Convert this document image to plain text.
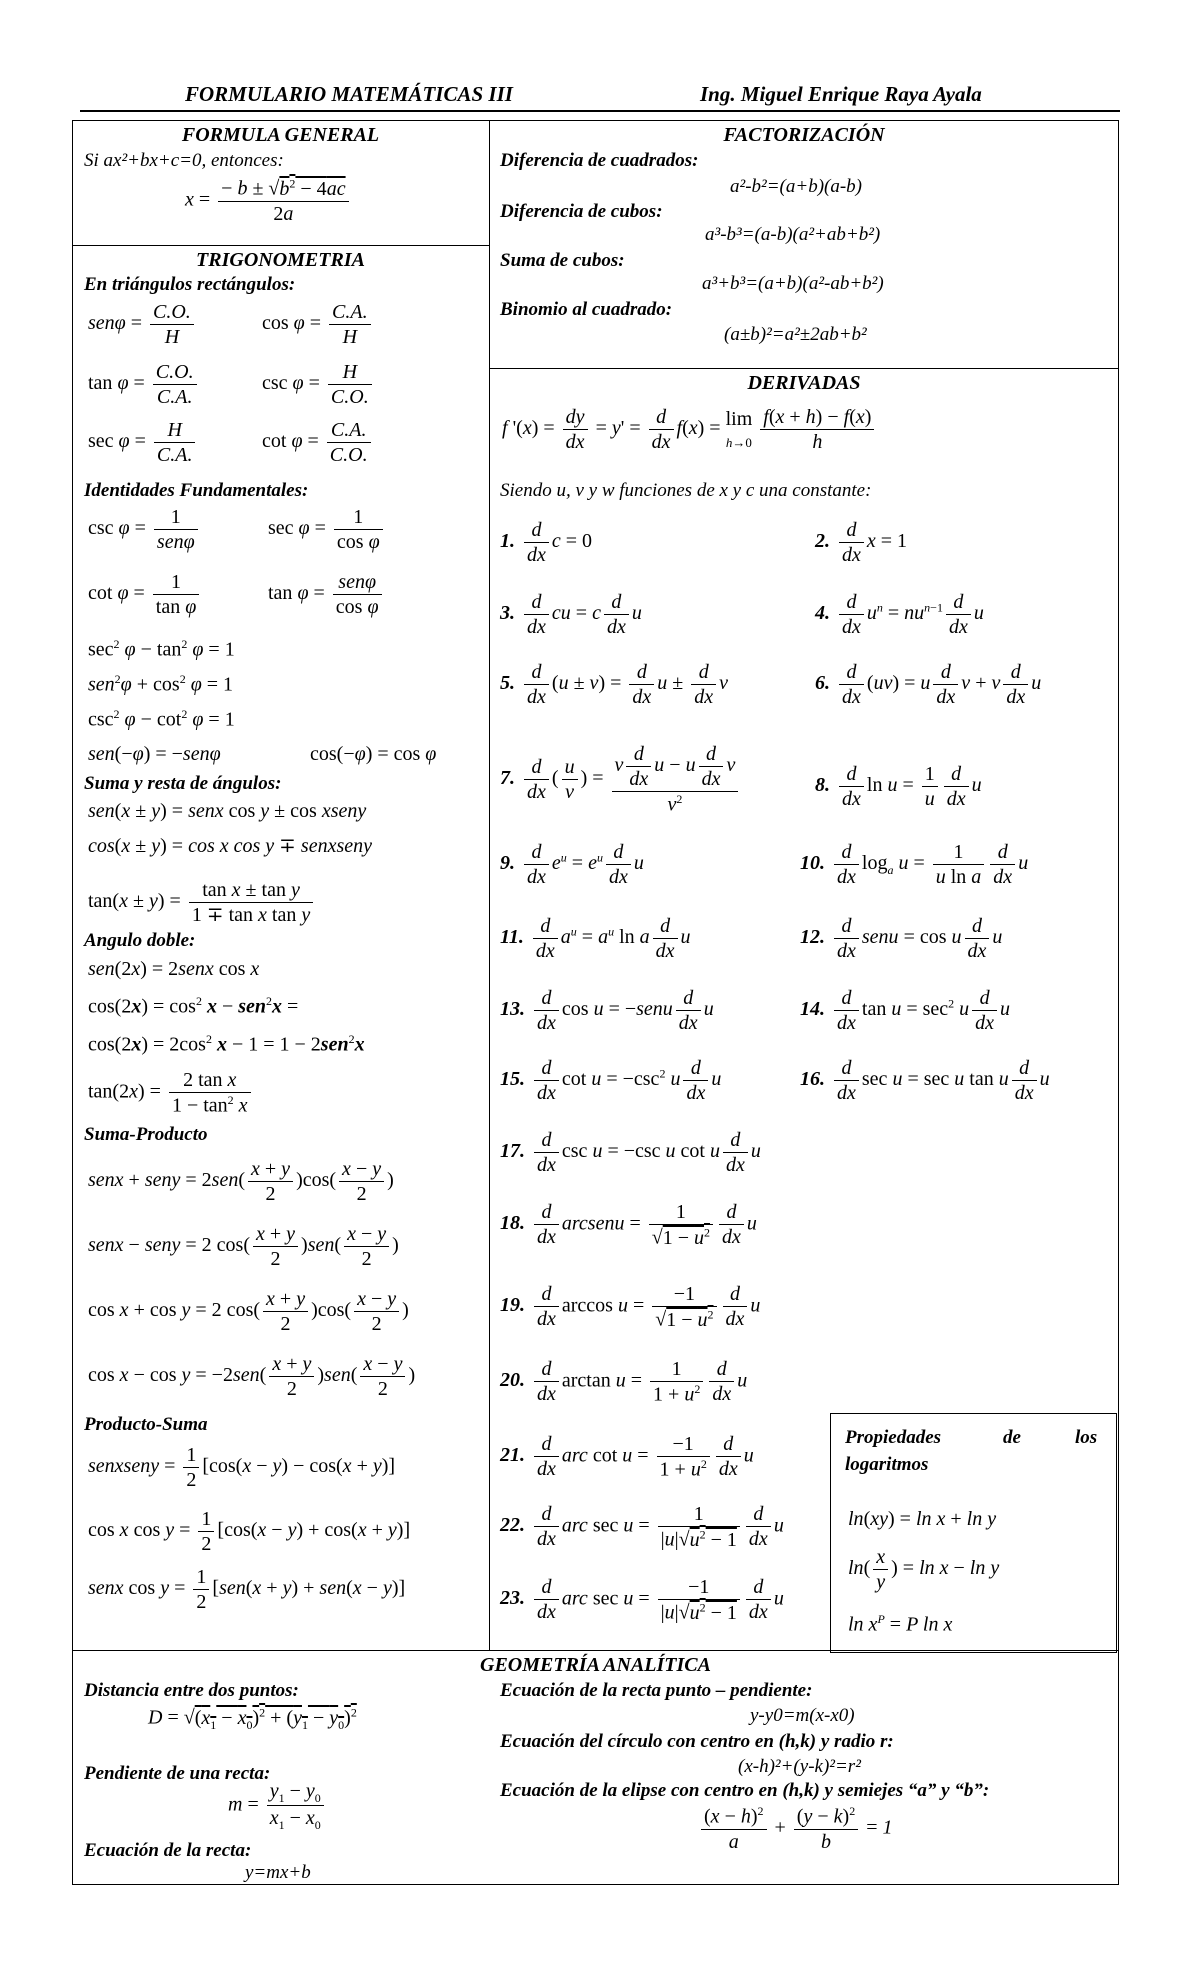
FORMULARIO MATEMÁTICAS III	Ing. Miguel Enrique Raya Ayala
FORMULA GENERAL
Si ax²+bx+c=0, entonces:
$x = \frac{- b \pm √b^2 - 4ac}{2a}$
TRIGONOMETRIA
En triángulos rectángulos:
$sen\varphi = \frac{C.O.}{H}$	$\cos \varphi = \frac{C.A.}{H}$
$\tan \varphi = \frac{C.O.}{C.A.}$	$\csc \varphi = \frac{H}{C.O.}$
$\sec \varphi = \frac{H}{C.A.}$	$\cot \varphi = \frac{C.A.}{C.O.}$
Identidades Fundamentales:
$\csc \varphi = \frac{1}{\text{senφ}}$	$\sec \varphi = \frac{1}{\text{cos φ}}$
$\cot \varphi = \frac{1}{\text{tan φ}}$	$\tan \varphi = \frac{\text{senφ}}{\text{cos φ}}$
$\sec^2 \varphi - \tan^2 \varphi = 1$
$sen^2\varphi + \cos^2 \varphi = 1$
$\csc^2 \varphi - \cot^2 \varphi = 1$
sen(−φ) = −senφ	cos(−φ) = cos φ
Suma y resta de ángulos:
sen(x ± y) = senx cos y ± cos xseny
cos(x ± y) = cos x cos y ∓ senxseny
$\tan(x \pm y) = \frac{\text{tan x ± tan y}}{\text{1 ∓ tan x tan y}}$
Angulo doble:
sen(2x) = 2senx cos x
$\cos(2x) = \cos^2 x - sen^2x$ =
$\cos(2x) = 2\cos^2$ x − 1 = 1 − 2sen$^2$x
$\tan(2x) = \frac{\text{2 tan x}}{1 - \tan^2 x}$
Suma-Producto
senx + seny = $2sen( \frac{x + y}{2} )\cos( \frac{x - y}{2}$ )
senx − seny = 2 $\cos( \frac{x + y}{2} )sen( \frac{x - y}{2}$ )
cos x + cos y = 2 $\cos( \frac{x + y}{2} )\cos( \frac{x - y}{2}$ )
$\cos x - \cos y = -2sen( \frac{x + y}{2} )sen( \frac{x - y}{2}$ )
Producto-Suma
senxseny = $\frac{1}{2} [\cos(x - y) - \cos(x + y)]$
cos x $\cos y = \frac{1}{2} [\cos(x - y) + \cos(x + y)]$
senx $\cos y = \frac{1}{2} [sen(x + y) + sen(x - y)]$
FACTORIZACIÓN
Diferencia de cuadrados:
a²-b²=(a+b)(a-b)
Diferencia de cubos:
a³-b³=(a-b)(a²+ab+b²)
Suma de cubos:
a³+b³=(a+b)(a²-ab+b²)
Binomio al cuadrado:
(a±b)²=a²±2ab+b²
DERIVADAS
f '$(x) = \frac{dy}{dx} = y' = \frac{d}{dx} f(x) = \lim$
$h\to 0 \frac{f(x + h) - f(x)}{h}$
Siendo u, v y w funciones de x y c una constante:
1. $\frac{d}{dx}$ c = 0	2. $\frac{d}{dx}$ x = 1
3. $\frac{d}{dx}$ cu = c $\frac{d}{dx}$ u	4. $\frac{d}{dx} u^n = nu^{n-1} \frac{d}{dx}$ u
5. $\frac{d}{dx} (u \pm v) = \frac{d}{dx}$ $u \pm \frac{d}{dx}$ v	6. $\frac{d}{dx} (uv) = u \frac{d}{dx}$ v + v $\frac{d}{dx}$ u
7. $\frac{d}{dx}$ ( $\frac{u}{v}$ ) = $\frac{v \frac{d}{dx} u - u \frac{d}{dx} v}{v^2}$	8. $\frac{d}{dx}$ $\ln u = \frac{1}{u} \frac{d}{dx}$ u
9. $\frac{d}{dx} e^u = e^u \frac{d}{dx}$ u	10. $\frac{d}{dx} \log_a u = \frac{1}{\text{u ln a}} \frac{d}{dx}$ u
11. $\frac{d}{dx} a^u = a^u$ ln a $\frac{d}{dx}$ u	12. $\frac{d}{dx}$ senu = cos u $\frac{d}{dx}$ u
13. $\frac{d}{dx}$ cos u = −senu $\frac{d}{dx}$ u	14. $\frac{d}{dx}$ $\tan u = \sec^2 u \frac{d}{dx}$ u
15. $\frac{d}{dx}$ $\cot u = -\csc^2$ u $\frac{d}{dx}$ u	16. $\frac{d}{dx}$ sec u = sec u tan u $\frac{d}{dx}$ u
17. $\frac{d}{dx}$ csc u = −csc u cot u $\frac{d}{dx}$ u
18. $\frac{d}{dx}$ arcsenu = $\frac{1}{√1 - u^2} \frac{d}{dx}$ u
19. $\frac{d}{dx}$ $\arccos u = \frac{-1}{√1 - u^2} \frac{d}{dx}$ u
20. $\frac{d}{dx}$ $\arctan u = \frac{1}{1 + u^2} \frac{d}{dx}$ u
21. $\frac{d}{dx}$ arc $\cot u = \frac{-1}{1 + u^2} \frac{d}{dx}$ u
22. $\frac{d}{dx}$ arc $\sec u = \frac{1}{|u|√u^2 - 1} \frac{d}{dx}$ u
23. $\frac{d}{dx}$ arc $\sec u = \frac{-1}{|u|√u^2 - 1} \frac{d}{dx}$ u
Propiedades	de	los
logaritmos
ln(xy) = ln x + ln y
$\ln( \frac{x}{y}$ ) = ln x − ln y
$\ln x^P = P$ ln x
GEOMETRÍA ANALÍTICA
Distancia entre dos puntos:
$D = √(x_1 - x_0)^2 + (y_1 - y_0)^2$
Pendiente de una recta:
$m = \frac{y_1 - y_0}{x_1 - x_0}$
Ecuación de la recta:
y=mx+b
Ecuación de la recta punto – pendiente:
y-y0=m(x-x0)
Ecuación del círculo con centro en (h,k) y radio r:
(x-h)²+(y-k)²=r²
Ecuación de la elipse con centro en (h,k) y semiejes “a” y “b”:
$\frac{(x - h)^2}{a} + \frac{(y - k)^2}{b} = 1$
